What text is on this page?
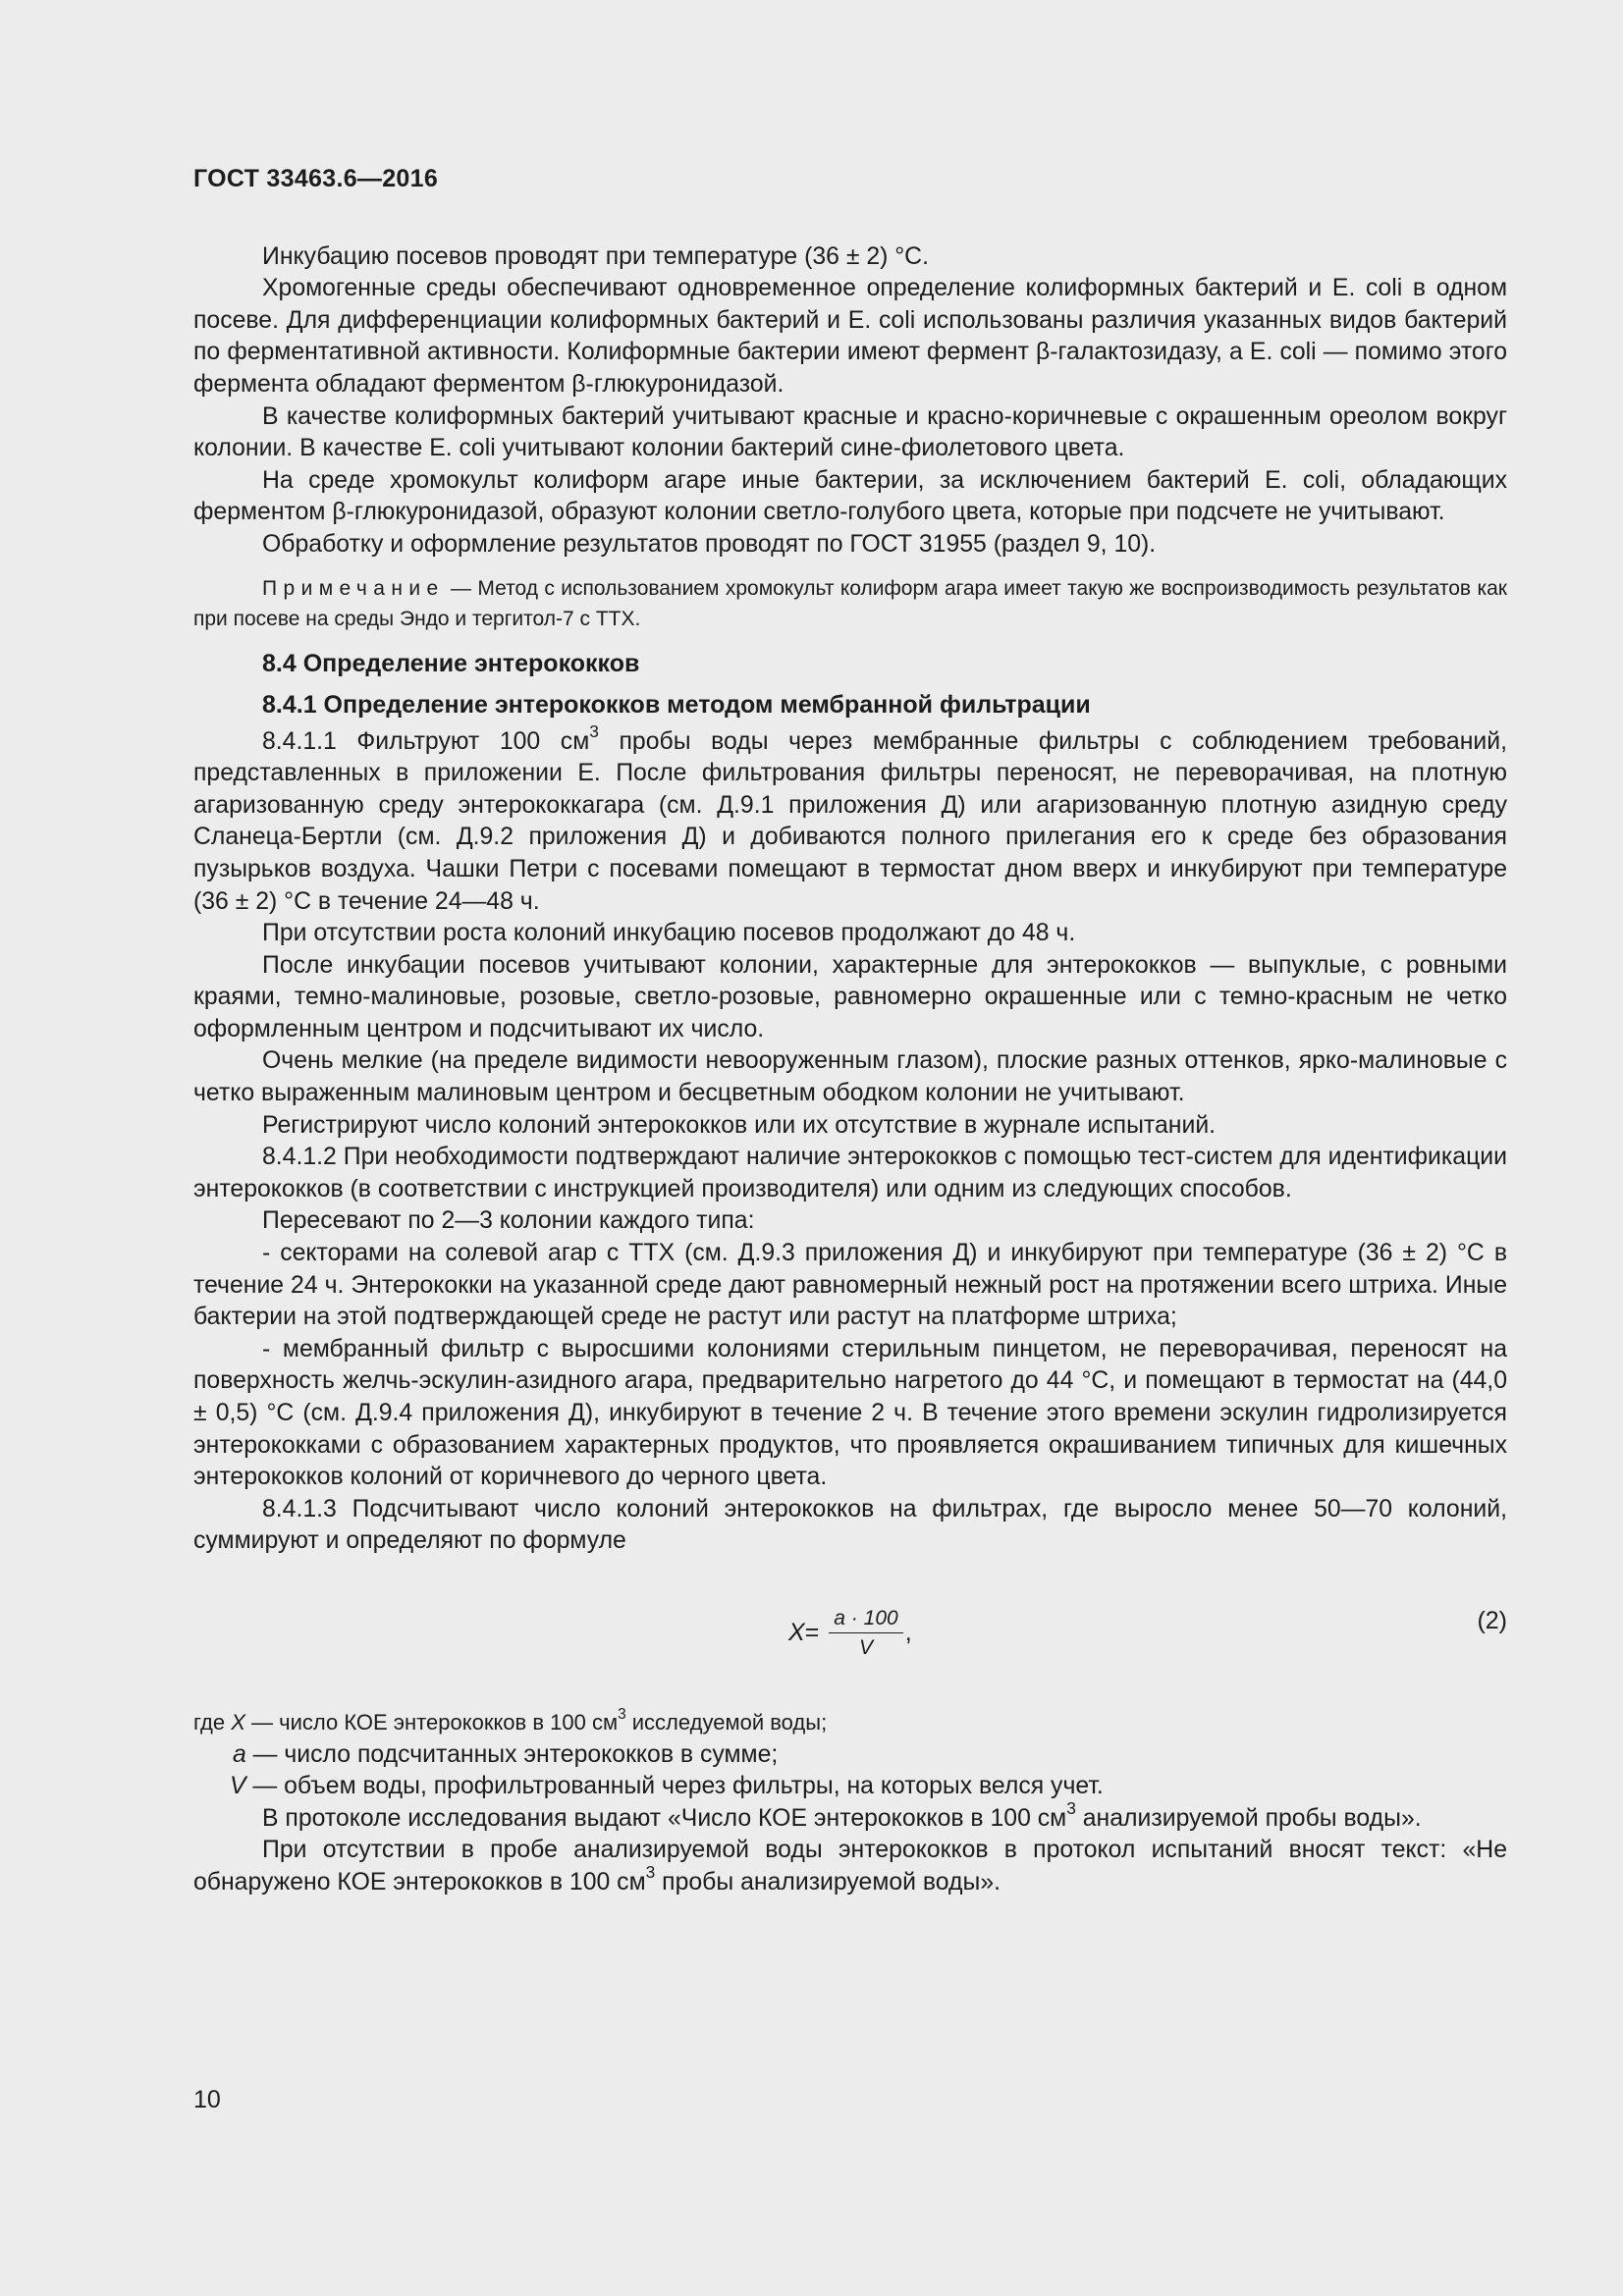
ГОСТ 33463.6—2016

Инкубацию посевов проводят при температуре (36 ± 2) °С.

Хромогенные среды обеспечивают одновременное определение колиформных бактерий и Е. coli в одном посеве. Для дифференциации колиформных бактерий и Е. coli использованы различия указанных видов бактерий по ферментативной активности. Колиформные бактерии имеют фермент β-галактозидазу, а Е. coli — помимо этого фермента обладают ферментом β-глюкуронидазой.

В качестве колиформных бактерий учитывают красные и красно-коричневые с окрашенным ореолом вокруг колонии. В качестве Е. coli учитывают колонии бактерий сине-фиолетового цвета.

На среде хромокульт колиформ агаре иные бактерии, за исключением бактерий Е. coli, обладающих ферментом β-глюкуронидазой, образуют колонии светло-голубого цвета, которые при подсчете не учитывают.

Обработку и оформление результатов проводят по ГОСТ 31955 (раздел 9, 10).

Примечание — Метод с использованием хромокульт колиформ агара имеет такую же воспроизводимость результатов как при посеве на среды Эндо и тергитол-7 с ТТХ.

8.4 Определение энтерококков
8.4.1 Определение энтерококков методом мембранной фильтрации

8.4.1.1 Фильтруют 100 $см^3$ пробы воды через мембранные фильтры с соблюдением требований, представленных в приложении Е. После фильтрования фильтры переносят, не переворачивая, на плотную агаризованную среду энтерококкагара (см. Д.9.1 приложения Д) или агаризованную плотную азидную среду Сланеца-Бертли (см. Д.9.2 приложения Д) и добиваются полного прилегания его к среде без образования пузырьков воздуха. Чашки Петри с посевами помещают в термостат дном вверх и инкубируют при температуре (36 ± 2) °С в течение 24—48 ч.

При отсутствии роста колоний инкубацию посевов продолжают до 48 ч.

После инкубации посевов учитывают колонии, характерные для энтерококков — выпуклые, с ровными краями, темно-малиновые, розовые, светло-розовые, равномерно окрашенные или с темно-красным не четко оформленным центром и подсчитывают их число.

Очень мелкие (на пределе видимости невооруженным глазом), плоские разных оттенков, ярко-малиновые с четко выраженным малиновым центром и бесцветным ободком колонии не учитывают.

Регистрируют число колоний энтерококков или их отсутствие в журнале испытаний.

8.4.1.2 При необходимости подтверждают наличие энтерококков с помощью тест-систем для идентификации энтерококков (в соответствии с инструкцией производителя) или одним из следующих способов.

Пересевают по 2—3 колонии каждого типа:

- секторами на солевой агар с ТТХ (см. Д.9.3 приложения Д) и инкубируют при температуре (36 ± 2) °С в течение 24 ч. Энтерококки на указанной среде дают равномерный нежный рост на протяжении всего штриха. Иные бактерии на этой подтверждающей среде не растут или растут на платформе штриха;

- мембранный фильтр с выросшими колониями стерильным пинцетом, не переворачивая, переносят на поверхность желчь-эскулин-азидного агара, предварительно нагретого до 44 °С, и помещают в термостат на (44,0 ± 0,5) °С (см. Д.9.4 приложения Д), инкубируют в течение 2 ч. В течение этого времени эскулин гидролизируется энтерококками с образованием характерных продуктов, что проявляется окрашиванием типичных для кишечных энтерококков колоний от коричневого до черного цвета.

8.4.1.3 Подсчитывают число колоний энтерококков на фильтрах, где выросло менее 50—70 колоний, суммируют и определяют по формуле

$X = \frac{a \cdot 100}{V}$ ,	(2)

где X — число КОЕ энтерококков в 100 $см^3$ исследуемой воды;

a — число подсчитанных энтерококков в сумме;

V — объем воды, профильтрованный через фильтры, на которых велся учет.

В протоколе исследования выдают «Число КОЕ энтерококков в 100 $см^3$ анализируемой пробы воды».

При отсутствии в пробе анализируемой воды энтерококков в протокол испытаний вносят текст: «Не обнаружено КОЕ энтерококков в 100 $см^3$ пробы анализируемой воды».

10
